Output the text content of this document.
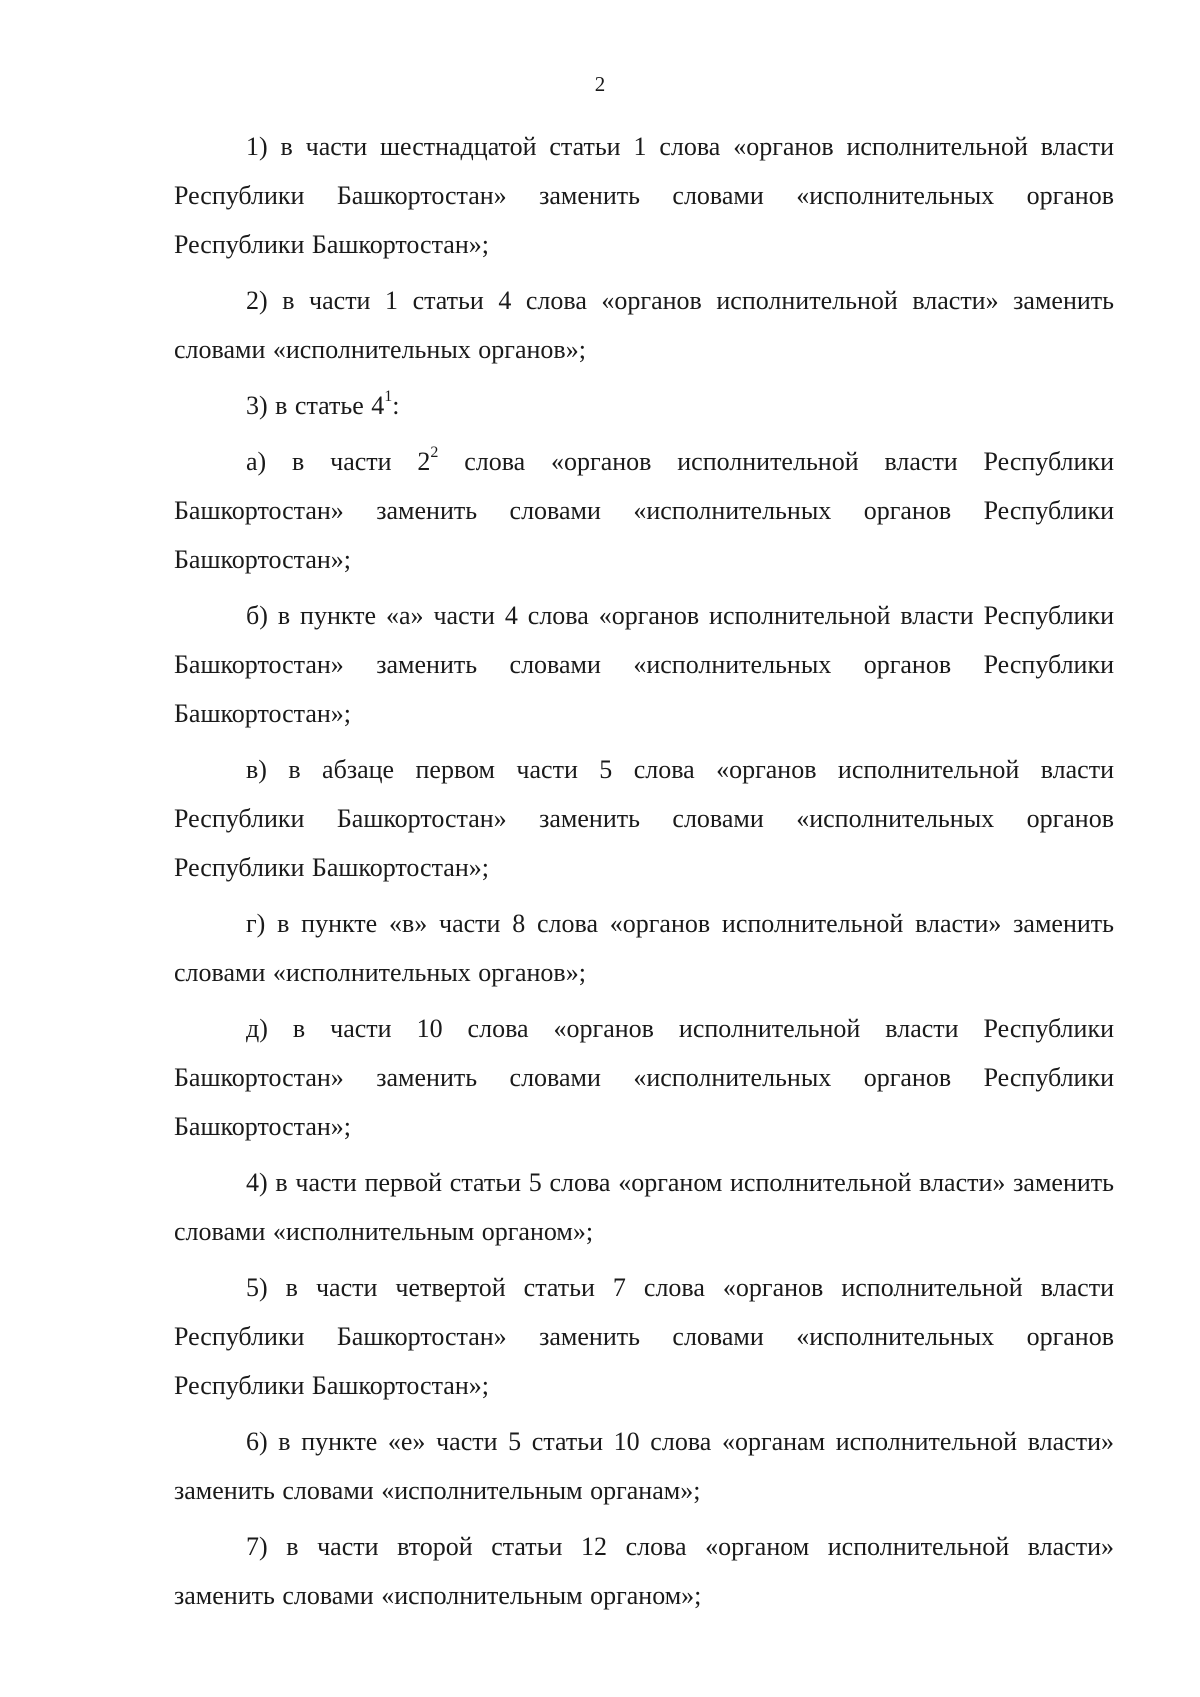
2

1) в части шестнадцатой статьи 1 слова «органов исполнительной власти Республики Башкортостан» заменить словами «исполнительных органов Республики Башкортостан»;

2) в части 1 статьи 4 слова «органов исполнительной власти» заменить словами «исполнительных органов»;

3) в статье $4^1$:

а) в части $2^2$ слова «органов исполнительной власти Республики Башкортостан» заменить словами «исполнительных органов Республики Башкортостан»;

б) в пункте «а» части 4 слова «органов исполнительной власти Республики Башкортостан» заменить словами «исполнительных органов Республики Башкортостан»;

в) в абзаце первом части 5 слова «органов исполнительной власти Республики Башкортостан» заменить словами «исполнительных органов Республики Башкортостан»;

г) в пункте «в» части 8 слова «органов исполнительной власти» заменить словами «исполнительных органов»;

д) в части 10 слова «органов исполнительной власти Республики Башкортостан» заменить словами «исполнительных органов Республики Башкортостан»;

4) в части первой статьи 5 слова «органом исполнительной власти» заменить словами «исполнительным органом»;

5) в части четвертой статьи 7 слова «органов исполнительной власти Республики Башкортостан» заменить словами «исполнительных органов Республики Башкортостан»;

6) в пункте «е» части 5 статьи 10 слова «органам исполнительной власти» заменить словами «исполнительным органам»;

7) в части второй статьи 12 слова «органом исполнительной власти» заменить словами «исполнительным органом»;
